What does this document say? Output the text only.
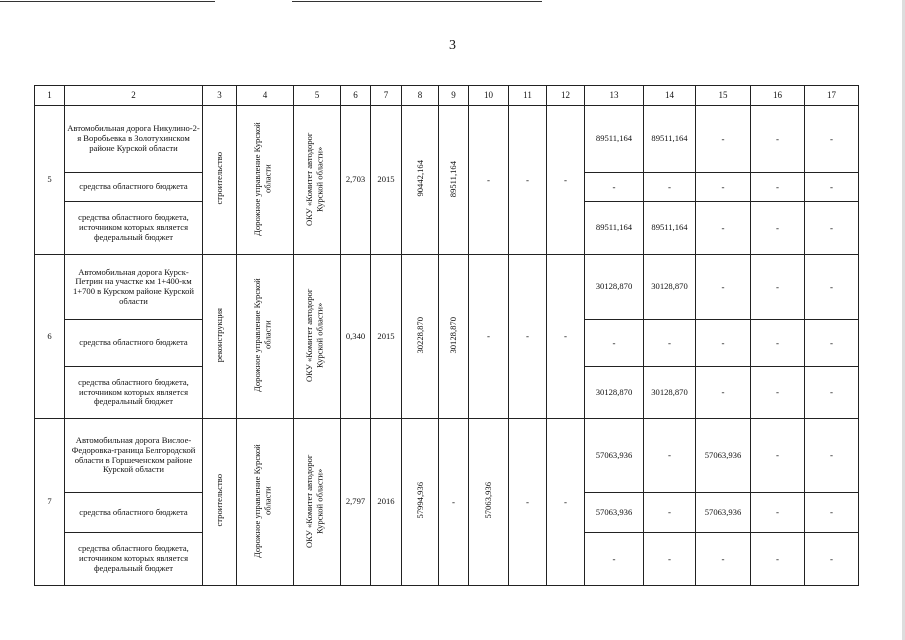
3
1	2	3	4	5	6	7	8	9	10	11	12	13	14	15	16	17
5	Автомобильная дорога Никулино-2-я Воробьевка в Золотухинском районе Курской области	строительство	Дорожное управление Курской области	ОКУ «Комитет автодорог Курской области»	2,703	2015	90442,164	89511,164	-	-	-	89511,164	89511,164	-	-	-
	средства областного бюджета											-	-	-	-	-
	средства областного бюджета, источником которых является федеральный бюджет											89511,164	89511,164	-	-	-
6	Автомобильная дорога Курск-Петрин на участке км 1+400-км 1+700 в Курском районе Курской области	реконструкция	Дорожное управление Курской области	ОКУ «Комитет автодорог Курской области»	0,340	2015	30228,870	30128,870	-	-	-	30128,870	30128,870	-	-	-
	средства областного бюджета											-	-	-	-	-
	средства областного бюджета, источником которых является федеральный бюджет											30128,870	30128,870	-	-	-
7	Автомобильная дорога Вислое-Федоровка-граница Белгородской области в Горшеченском районе Курской области	строительство	Дорожное управление Курской области	ОКУ «Комитет автодорог Курской области»	2,797	2016	57994,936	-	57063,936	-	-	57063,936	-	57063,936	-	-
	средства областного бюджета											57063,936	-	57063,936	-	-
	средства областного бюджета, источником которых является федеральный бюджет											-	-	-	-	-
